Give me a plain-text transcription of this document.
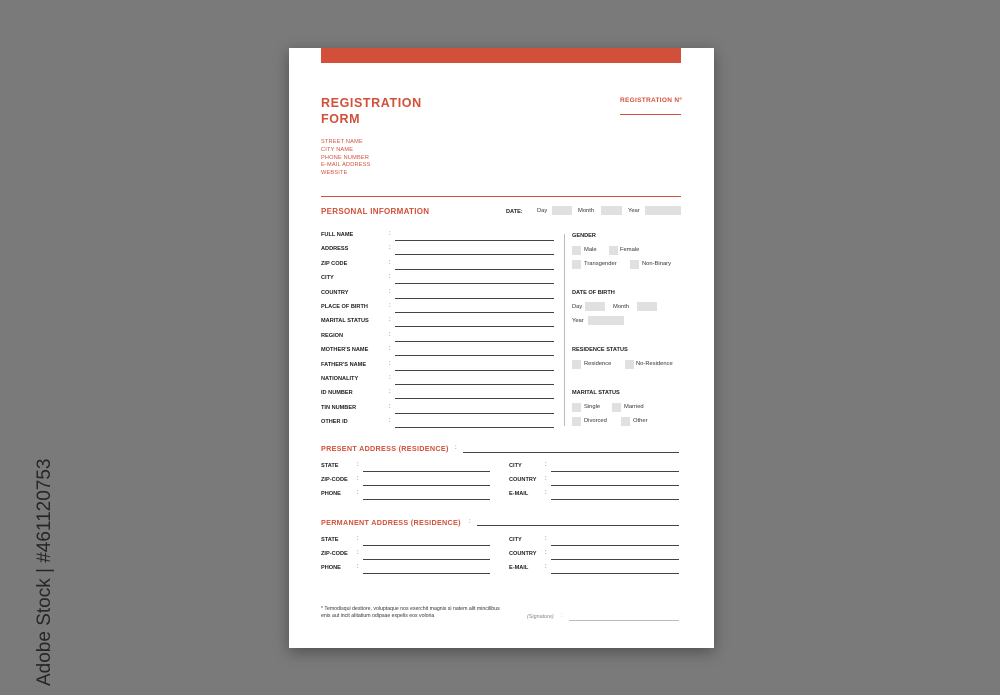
REGISTRATION
FORM
STREET NAME
CITY NAME
PHONE NUMBER
E-MAIL ADDRESS
WEBSITE
REGISTRATION Nº
PERSONAL INFORMATION	DATE: Day	Month	Year
FULL NAME	:
ADDRESS	:
ZIP CODE	:
CITY	:
COUNTRY	:
PLACE OF BIRTH	:
MARITAL STATUS	:
REGION	:
MOTHER'S NAME	:
FATHER'S NAME	:
NATIONALITY	:
ID NUMBER	:
TIN NUMBER	:
OTHER ID	:
GENDER
Male	Female
Transgender	Non-Binary
DATE OF BIRTH
Day	Month
Year
RESIDENCE STATUS
Residence	No-Residence
MARITAL STATUS
Single	Married
Divorced	Other
PRESENT ADDRESS (RESIDENCE) :
STATE	:	CITY	:
ZIP-CODE :	COUNTRY :
PHONE	:	E-MAIL	:
PERMANENT ADDRESS (RESIDENCE) :
STATE	:	CITY	:
ZIP-CODE :	COUNTRY :
PHONE	:	E-MAIL	:
* Temodisqui destiore, voluptaque nos exerchit magnis si natem alit mincilibus enis aut incit alitatium odipsae expelis eos voloria	(Signature) :
Adobe Stock | #461120753
